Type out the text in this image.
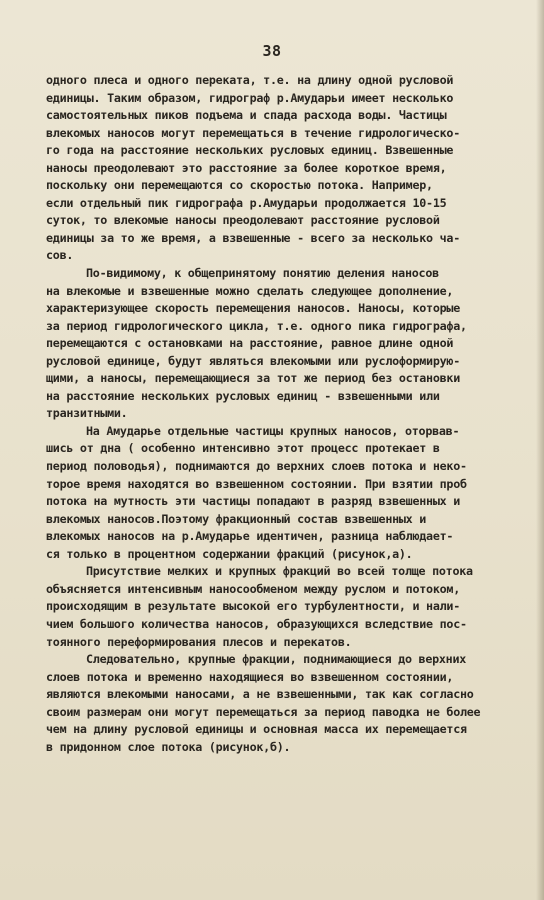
38
одного плеса и одного переката, т.е. на длину одной русловой
единицы. Таким образом, гидрограф р.Амударьи имеет несколько
самостоятельных пиков подъема и спада расхода воды. Частицы
влекомых наносов могут перемещаться в течение гидрологическо-
го года на расстояние нескольких русловых единиц. Взвешенные
наносы преодолевают это расстояние за более короткое время,
поскольку они перемещаются со скоростью потока. Например,
если отдельный пик гидрографа р.Амударьи продолжается 10-15
суток, то влекомые наносы преодолевают расстояние русловой
единицы за то же время, а взвешенные - всего за несколько ча-
сов.
По-видимому, к общепринятому понятию деления наносов
на влекомые и взвешенные можно сделать следующее дополнение,
характеризующее скорость перемещения наносов. Наносы, которые
за период гидрологического цикла, т.е. одного пика гидрографа,
перемещаются с остановками на расстояние, равное длине одной
русловой единице, будут являться влекомыми или руслоформирую-
щими, а наносы, перемещающиеся за тот же период без остановки
на расстояние нескольких русловых единиц - взвешенными или
транзитными.
На Амударье отдельные частицы крупных наносов, оторвав-
шись от дна ( особенно интенсивно этот процесс протекает в
период половодья), поднимаются до верхних слоев потока и неко-
торое время находятся во взвешенном состоянии. При взятии проб
потока на мутность эти частицы попадают в разряд взвешенных и
влекомых наносов.Поэтому фракционный состав взвешенных и
влекомых наносов на р.Амударье идентичен, разница наблюдает-
ся только в процентном содержании фракций (рисунок,а).
Присутствие мелких и крупных фракций во всей толще потока
объясняется интенсивным наносообменом между руслом и потоком,
происходящим в результате высокой его турбулентности, и нали-
чием большого количества наносов, образующихся вследствие пос-
тоянного переформирования плесов и перекатов.
Следовательно, крупные фракции, поднимающиеся до верхних
слоев потока и временно находящиеся во взвешенном состоянии,
являются влекомыми наносами, а не взвешенными, так как согласно
своим размерам они могут перемещаться за период паводка не более
чем на длину русловой единицы и основная масса их перемещается
в придонном слое потока (рисунок,б).
